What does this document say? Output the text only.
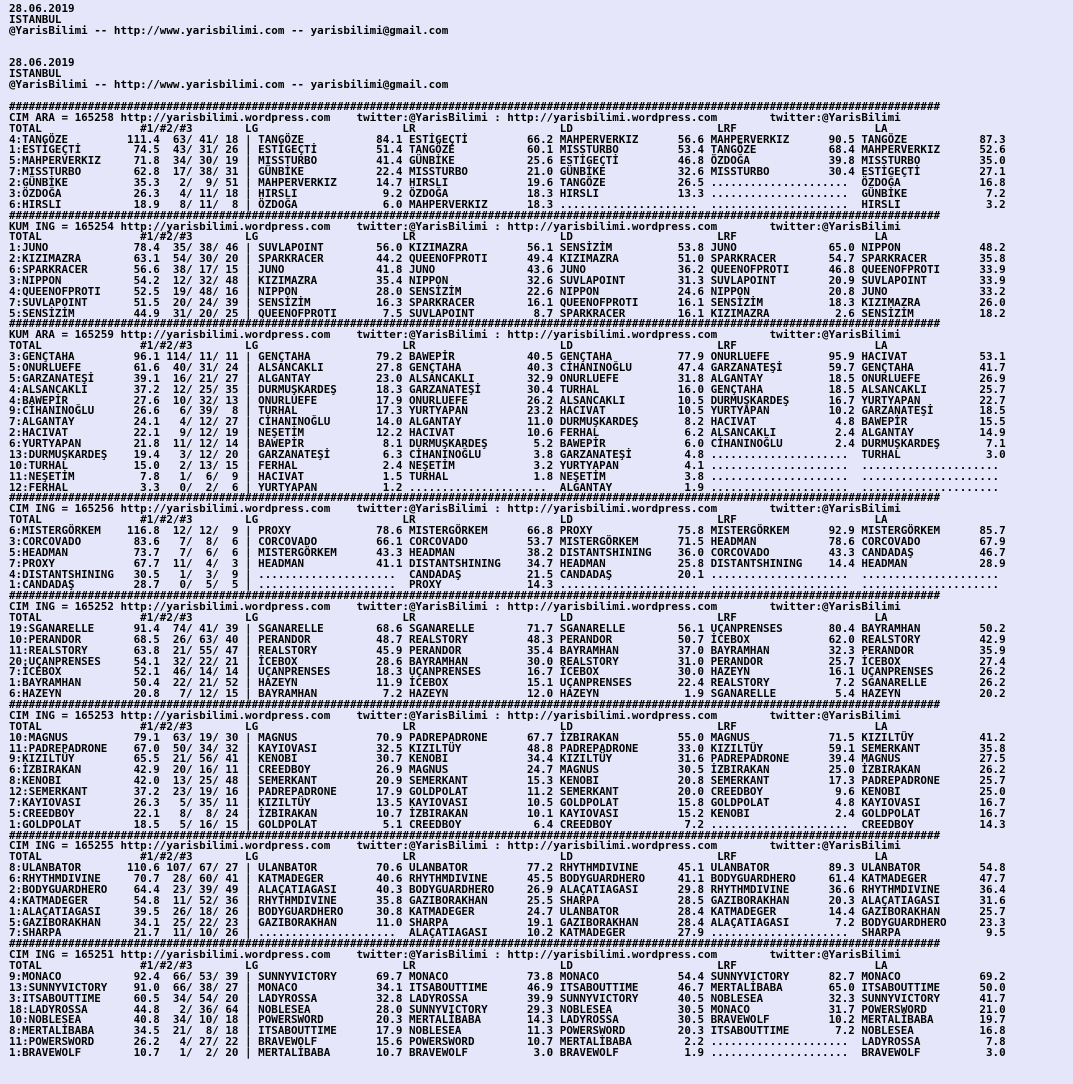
28.06.2019
ISTANBUL
@YarisBilimi -- http://www.yarisbilimi.com -- yarisbilimi@gmail.com

28.06.2019
ISTANBUL
@YarisBilimi -- http://www.yarisbilimi.com -- yarisbilimi@gmail.com

##############################################################################################################################################
CIM ARA = 165258 http://yarisbilimi.wordpress.com    twitter:@YarisBilimi : http://yarisbilimi.wordpress.com        twitter:@YarisBilimi
TOTAL               #1/#2/#3        LG                      LR                      LD                      LRF                     LA
4:TANGÖZE         111.4  63/ 41/ 18 | TANGÖZE           84.1 ESTİGEÇTİ         66.2 MAHPERVERKIZ      56.6 MAHPERVERKIZ      90.5 TANGÖZE           87.3
1:ESTİGEÇTİ        74.5  43/ 31/ 26 | ESTİGEÇTİ         51.4 TANGÖZE           60.1 MISSTURBO         53.4 TANGÖZE           68.4 MAHPERVERKIZ      52.6
5:MAHPERVERKIZ     71.8  34/ 30/ 19 | MISSTURBO         41.4 GÜNBİKE           25.6 ESTİGEÇTİ         46.8 ÖZDOĞA            39.8 MISSTURBO         35.0
7:MISSTURBO        62.8  17/ 38/ 31 | GÜNBİKE           22.4 MISSTURBO         21.0 GÜNBİKE           32.6 MISSTURBO         30.4 ESTİGEÇTİ         27.1
2:GÜNBİKE          35.3   2/  9/ 51 | MAHPERVERKIZ      14.7 HIRSLI            19.6 TANGÖZE           26.5 .....................  ÖZDOĞA            16.8
3:ÖZDOĞA           26.3   4/ 11/ 18 | HIRSLI             9.2 ÖZDOĞA            18.3 HIRSLI            13.3 .....................  GÜNBİKE            7.2
6:HIRSLI           18.9   8/ 11/  8 | ÖZDOĞA             6.0 MAHPERVERKIZ      18.3 .....................  .....................  HIRSLI             3.2
##############################################################################################################################################
KUM ING = 165254 http://yarisbilimi.wordpress.com    twitter:@YarisBilimi : http://yarisbilimi.wordpress.com        twitter:@YarisBilimi
TOTAL               #1/#2/#3        LG                      LR                      LD                      LRF                     LA
1:JUNO             78.4  35/ 38/ 46 | SUVLAPOINT        56.0 KIZIMAZRA         56.1 SENSİZİM          53.8 JUNO              65.0 NIPPON            48.2
2:KIZIMAZRA        63.1  54/ 30/ 20 | SPARKRACER        44.2 QUEENOFPROTI      49.4 KIZIMAZRA         51.0 SPARKRACER        54.7 SPARKRACER        35.8
6:SPARKRACER       56.6  38/ 17/ 15 | JUNO              41.8 JUNO              43.6 JUNO              36.2 QUEENOFPROTI      46.8 QUEENOFPROTI      33.9
3:NIPPON           54.2  12/ 32/ 48 | KIZIMAZRA         35.4 NIPPON            32.6 SUVLAPOINT        31.3 SUVLAPOINT        20.9 SUVLAPOINT        33.9
4:QUEENOFPROTI     52.5  19/ 48/ 16 | NIPPON            28.0 SENSİZİM          22.6 NIPPON            24.6 NIPPON            20.8 JUNO              33.2
7:SUVLAPOINT       51.5  20/ 24/ 39 | SENSİZİM          16.3 SPARKRACER        16.1 QUEENOFPROTI      16.1 SENSİZİM          18.3 KIZIMAZRA         26.0
5:SENSİZİM         44.9  31/ 20/ 25 | QUEENOFPROTI       7.5 SUVLAPOINT         8.7 SPARKRACER        16.1 KIZIMAZRA          2.6 SENSİZİM          18.2
##############################################################################################################################################
KUM ARA = 165259 http://yarisbilimi.wordpress.com    twitter:@YarisBilimi : http://yarisbilimi.wordpress.com        twitter:@YarisBilimi
TOTAL               #1/#2/#3        LG                      LR                      LD                      LRF                     LA
3:GENÇTAHA         96.1 114/ 11/ 11 | GENÇTAHA          79.2 BAWEPİR           40.5 GENÇTAHA          77.9 ONURLUEFE         95.9 HACIVAT           53.1
5:ONURLUEFE        61.6  40/ 31/ 24 | ALSANCAKLI        27.8 GENÇTAHA          40.3 CİHANINOĞLU       47.4 GARZANATEŞİ       59.7 GENÇTAHA          41.7
5:GARZANATEŞİ      39.1  16/ 21/ 27 | ALGANTAY          23.0 ALSANCAKLI        32.9 ONURLUEFE         31.8 ALGANTAY          18.5 ONURLUEFE         26.9
4:ALSANCAKLI       37.2  12/ 25/ 35 | DURMUŞKARDEŞ      18.3 GARZANATEŞİ       30.4 TURHAL            16.0 GENÇTAHA          18.5 ALSANCAKLI        25.7
4:BAWEPİR          27.6  10/ 32/ 13 | ONURLUEFE         17.9 ONURLUEFE         26.2 ALSANCAKLI        10.5 DURMUŞKARDEŞ      16.7 YURTYAPAN         22.7
9:CİHANINOĞLU      26.6   6/ 39/  8 | TURHAL            17.3 YURTYAPAN         23.2 HACIVAT           10.5 YURTYAPAN         10.2 GARZANATEŞİ       18.5
7:ALGANTAY         24.1   4/ 12/ 27 | CİHANINOĞLU       14.0 ALGANTAY          11.0 DURMUŞKARDEŞ       8.2 HACIVAT            4.8 BAWEPİR           15.5
2:HACIVAT          22.1   9/ 12/ 19 | NEŞETİM           12.2 HACIVAT           10.6 FERHAL             6.2 ALSANCAKLI         2.4 ALGANTAY          14.9
6:YURTYAPAN        21.8  11/ 12/ 14 | BAWEPİR            8.1 DURMUŞKARDEŞ       5.2 BAWEPİR            6.0 CİHANINOĞLU        2.4 DURMUŞKARDEŞ       7.1
13:DURMUŞKARDEŞ    19.4   3/ 12/ 20 | GARZANATEŞİ        6.3 CİHANINOĞLU        3.8 GARZANATEŞİ        4.8 .....................  TURHAL             3.0
10:TURHAL          15.0   2/ 13/ 15 | FERHAL             2.4 NEŞETİM            3.2 YURTYAPAN          4.1 .....................  .....................
11:NEŞETİM          7.8   1/  6/  9 | HACIVAT            1.5 TURHAL             1.8 NEŞETİM            3.8 .....................  .....................
12:FERHAL           3.3   0/  2/  6 | YURTYAPAN          1.2 .....................  ALGANTAY           1.9 .....................  .....................
##############################################################################################################################################
CIM ING = 165256 http://yarisbilimi.wordpress.com    twitter:@YarisBilimi : http://yarisbilimi.wordpress.com        twitter:@YarisBilimi
TOTAL               #1/#2/#3        LG                      LR                      LD                      LRF                     LA
6:MISTERGÖRKEM    116.8  12/ 12/  9 | PROXY             78.6 MISTERGÖRKEM      66.8 PROXY             75.8 MISTERGÖRKEM      92.9 MISTERGÖRKEM      85.7
3:CORCOVADO        83.6   7/  8/  6 | CORCOVADO         66.1 CORCOVADO         53.7 MISTERGÖRKEM      71.5 HEADMAN           78.6 CORCOVADO         67.9
5:HEADMAN          73.7   7/  6/  6 | MISTERGÖRKEM      43.3 HEADMAN           38.2 DISTANTSHINING    36.0 CORCOVADO         43.3 CANDADAŞ          46.7
7:PROXY            67.7  11/  4/  3 | HEADMAN           41.1 DISTANTSHINING    34.7 HEADMAN           25.8 DISTANTSHINING    14.4 HEADMAN           28.9
4:DISTANTSHINING   30.5   1/  3/  9 | .....................  CANDADAŞ          21.5 CANDADAŞ          20.1 .....................  .....................
1:CANDADAŞ         28.7   0/  5/  5 | .....................  PROXY             14.3 .....................  .....................  .....................
##############################################################################################################################################
CIM ING = 165252 http://yarisbilimi.wordpress.com    twitter:@YarisBilimi : http://yarisbilimi.wordpress.com        twitter:@YarisBilimi
TOTAL               #1/#2/#3        LG                      LR                      LD                      LRF                     LA
19:SGANARELLE      91.4  74/ 41/ 39 | SGANARELLE        68.6 SGANARELLE        71.7 SGANARELLE        56.1 UÇANPRENSES       80.4 BAYRAMHAN         50.2
10:PERANDOR        68.5  26/ 63/ 40 | PERANDOR          48.7 REALSTORY         48.3 PERANDOR          50.7 İCEBOX            62.0 REALSTORY         42.9
11:REALSTORY       63.8  21/ 55/ 47 | REALSTORY         45.9 PERANDOR          35.4 BAYRAMHAN         37.0 BAYRAMHAN         32.3 PERANDOR          35.9
20:UÇANPRENSES     54.1  32/ 22/ 21 | İCEBOX            28.6 BAYRAMHAN         30.0 REALSTORY         31.0 PERANDOR          25.7 İCEBOX            27.4
7:İCEBOX           52.1  46/ 14/ 14 | UÇANPRENSES       18.3 UÇANPRENSES       16.7 İCEBOX            30.0 HAZEYN            16.1 UÇANPRENSES       26.2
1:BAYRAMHAN        50.4  22/ 21/ 52 | HAZEYN            11.9 İCEBOX            15.1 UÇANPRENSES       22.4 REALSTORY          7.2 SGANARELLE        26.2
6:HAZEYN           20.8   7/ 12/ 15 | BAYRAMHAN          7.2 HAZEYN            12.0 HAZEYN             1.9 SGANARELLE         5.4 HAZEYN            20.2
##############################################################################################################################################
CIM ING = 165253 http://yarisbilimi.wordpress.com    twitter:@YarisBilimi : http://yarisbilimi.wordpress.com        twitter:@YarisBilimi
TOTAL               #1/#2/#3        LG                      LR                      LD                      LRF                     LA
10:MAGNUS          79.1  63/ 19/ 30 | MAGNUS            70.9 PADREPADRONE      67.7 İZBIRAKAN         55.0 MAGNUS            71.5 KIZILTÜY          41.2
11:PADREPADRONE    67.0  50/ 34/ 32 | KAYIOVASI         32.5 KIZILTÜY          48.8 PADREPADRONE      33.0 KIZILTÜY          59.1 SEMERKANT         35.8
9:KIZILTÜY         65.5  21/ 56/ 41 | KENOBI            30.7 KENOBI            34.4 KIZILTÜY          31.6 PADREPADRONE      39.4 MAGNUS            27.5
6:İZBIRAKAN        42.9  20/ 16/ 11 | CREEDBOY          26.9 MAGNUS            24.7 MAGNUS            30.5 İZBIRAKAN         25.0 İZBIRAKAN         26.2
8:KENOBI           42.0  13/ 25/ 48 | SEMERKANT         20.9 SEMERKANT         15.3 KENOBI            20.8 SEMERKANT         17.3 PADREPADRONE      25.7
12:SEMERKANT       37.2  23/ 19/ 16 | PADREPADRONE      17.9 GOLDPOLAT         11.2 SEMERKANT         20.0 CREEDBOY           9.6 KENOBI            25.0
7:KAYIOVASI        26.3   5/ 35/ 11 | KIZILTÜY          13.5 KAYIOVASI         10.5 GOLDPOLAT         15.8 GOLDPOLAT          4.8 KAYIOVASI         16.7
5:CREEDBOY         22.1   8/  8/ 24 | İZBIRAKAN         10.7 İZBIRAKAN         10.1 KAYIOVASI         15.2 KENOBI             2.4 GOLDPOLAT         16.7
1:GOLDPOLAT        18.5   5/ 16/ 15 | GOLDPOLAT          5.1 CREEDBOY           6.4 CREEDBOY           7.2 .....................  CREEDBOY          14.3
##############################################################################################################################################
CIM ING = 165255 http://yarisbilimi.wordpress.com    twitter:@YarisBilimi : http://yarisbilimi.wordpress.com        twitter:@YarisBilimi
TOTAL               #1/#2/#3        LG                      LR                      LD                      LRF                     LA
8:ULANBATOR       110.6 107/ 67/ 27 | ULANBATOR         70.6 ULANBATOR         77.2 RHYTHMDIVINE      45.1 ULANBATOR         89.3 ULANBATOR         54.8
6:RHYTHMDIVINE     70.7  28/ 60/ 41 | KATMADEGER        40.6 RHYTHMDIVINE      45.5 BODYGUARDHERO     41.1 BODYGUARDHERO     61.4 KATMADEGER        47.7
2:BODYGUARDHERO    64.4  23/ 39/ 49 | ALAÇATIAGASI      40.3 BODYGUARDHERO     26.9 ALAÇATIAGASI      29.8 RHYTHMDIVINE      36.6 RHYTHMDIVINE      36.4
4:KATMADEGER       54.8  11/ 52/ 36 | RHYTHMDIVINE      35.8 GAZIBORAKHAN      25.5 SHARPA            28.5 GAZIBORAKHAN      20.3 ALAÇATIAGASI      31.6
1:ALAÇATIAGASI     39.5  26/ 18/ 26 | BODYGUARDHERO     30.8 KATMADEGER        24.7 ULANBATOR         28.4 KATMADEGER        14.4 GAZIBORAKHAN      25.7
5:GAZIBORAKHAN     34.1  25/ 22/ 23 | GAZIBORAKHAN      11.0 SHARPA            19.1 GAZIBORAKHAN      28.4 ALAÇATIAGASI       7.2 BODYGUARDHERO     23.3
7:SHARPA           21.7  11/ 10/ 26 | .....................  ALAÇATIAGASI      10.2 KATMADEGER        27.9 .....................  SHARPA             9.5
##############################################################################################################################################
CIM ING = 165251 http://yarisbilimi.wordpress.com    twitter:@YarisBilimi : http://yarisbilimi.wordpress.com        twitter:@YarisBilimi
TOTAL               #1/#2/#3        LG                      LR                      LD                      LRF                     LA
9:MONACO           92.4  66/ 53/ 39 | SUNNYVICTORY      69.7 MONACO            73.8 MONACO            54.4 SUNNYVICTORY      82.7 MONACO            69.2
13:SUNNYVICTORY    91.0  66/ 38/ 27 | MONACO            34.1 ITSABOUTTIME      46.9 ITSABOUTTIME      46.7 MERTALİBABA       65.0 ITSABOUTTIME      50.0
3:ITSABOUTTIME     60.5  34/ 54/ 20 | LADYROSSA         32.8 LADYROSSA         39.9 SUNNYVICTORY      40.5 NOBLESEA          32.3 SUNNYVICTORY      41.7
18:LADYROSSA       44.8   2/ 36/ 64 | NOBLESEA          28.0 SUNNYVICTORY      29.3 NOBLESEA          30.5 MONACO            31.7 POWERSWORD        21.0
10:NOBLESEA        40.8  34/ 10/ 18 | POWERSWORD        20.3 MERTALİBABA       14.3 LADYROSSA         30.5 BRAVEWOLF         10.2 MERTALİBABA       19.7
8:MERTALİBABA      34.5  21/  8/ 18 | ITSABOUTTIME      17.9 NOBLESEA          11.3 POWERSWORD        20.3 ITSABOUTTIME       7.2 NOBLESEA          16.8
11:POWERSWORD      26.2   4/ 27/ 22 | BRAVEWOLF         15.6 POWERSWORD        10.7 MERTALİBABA        2.2 .....................  LADYROSSA          7.8
1:BRAVEWOLF        10.7   1/  2/ 20 | MERTALİBABA       10.7 BRAVEWOLF          3.0 BRAVEWOLF          1.9 .....................  BRAVEWOLF          3.0
